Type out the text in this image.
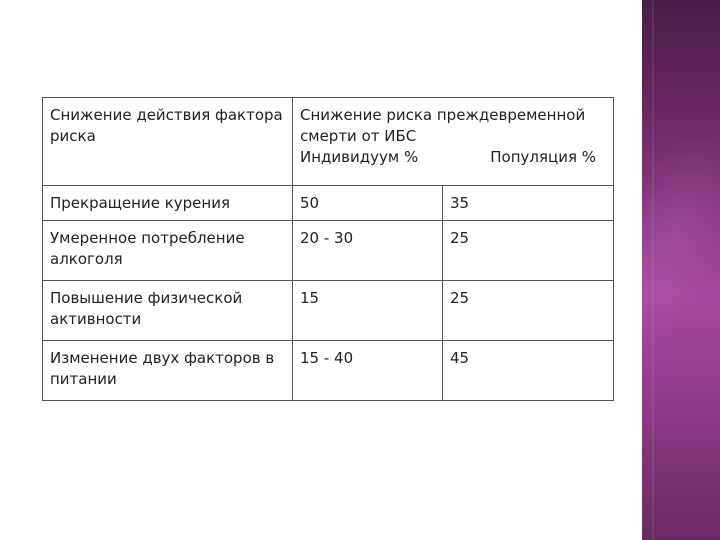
Снижение действия фактора риска	Снижение риска преждевременной
смерти от ИБС
Индивидуум % Популяция %	

Прекращение курения	50	35
Умеренное потребление алкоголя	20 - 30	25
Повышение физической активности	15	25
Изменение двух факторов в питании	15 - 40	45
